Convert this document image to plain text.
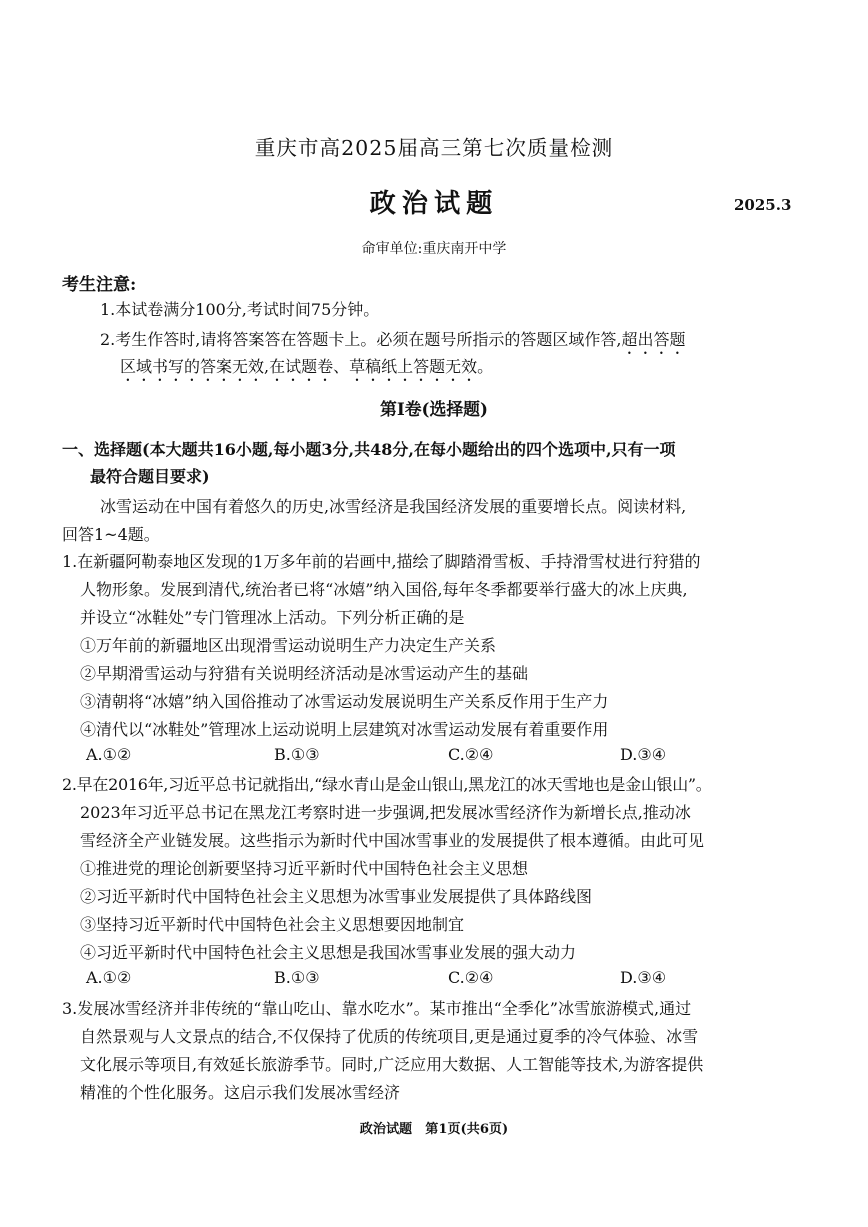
重庆市高2025届高三第七次质量检测
政治试题	2025.3
命审单位:重庆南开中学
考生注意:
1.本试卷满分100分,考试时间75分钟。
2.考生作答时,请将答案答在答题卡上。必须在题号所指示的答题区域作答,超出答题
区域书写的答案无效,在试题卷、草稿纸上答题无效。
第Ⅰ卷(选择题)
一、选择题(本大题共16小题,每小题3分,共48分,在每小题给出的四个选项中,只有一项
最符合题目要求)
冰雪运动在中国有着悠久的历史,冰雪经济是我国经济发展的重要增长点。阅读材料,
回答1~4题。
1.在新疆阿勒泰地区发现的1万多年前的岩画中,描绘了脚踏滑雪板、手持滑雪杖进行狩猎的
人物形象。发展到清代,统治者已将“冰嬉”纳入国俗,每年冬季都要举行盛大的冰上庆典,
并设立“冰鞋处”专门管理冰上活动。下列分析正确的是
①万年前的新疆地区出现滑雪运动说明生产力决定生产关系
②早期滑雪运动与狩猎有关说明经济活动是冰雪运动产生的基础
③清朝将“冰嬉”纳入国俗推动了冰雪运动发展说明生产关系反作用于生产力
④清代以“冰鞋处”管理冰上运动说明上层建筑对冰雪运动发展有着重要作用
A.①②	B.①③	C.②④	D.③④
2.早在2016年,习近平总书记就指出,“绿水青山是金山银山,黑龙江的冰天雪地也是金山银山”。
2023年习近平总书记在黑龙江考察时进一步强调,把发展冰雪经济作为新增长点,推动冰
雪经济全产业链发展。这些指示为新时代中国冰雪事业的发展提供了根本遵循。由此可见
①推进党的理论创新要坚持习近平新时代中国特色社会主义思想
②习近平新时代中国特色社会主义思想为冰雪事业发展提供了具体路线图
③坚持习近平新时代中国特色社会主义思想要因地制宜
④习近平新时代中国特色社会主义思想是我国冰雪事业发展的强大动力
A.①②	B.①③	C.②④	D.③④
3.发展冰雪经济并非传统的“靠山吃山、靠水吃水”。某市推出“全季化”冰雪旅游模式,通过
自然景观与人文景点的结合,不仅保持了优质的传统项目,更是通过夏季的冷气体验、冰雪
文化展示等项目,有效延长旅游季节。同时,广泛应用大数据、人工智能等技术,为游客提供
精准的个性化服务。这启示我们发展冰雪经济
政治试题　第1页(共6页)
